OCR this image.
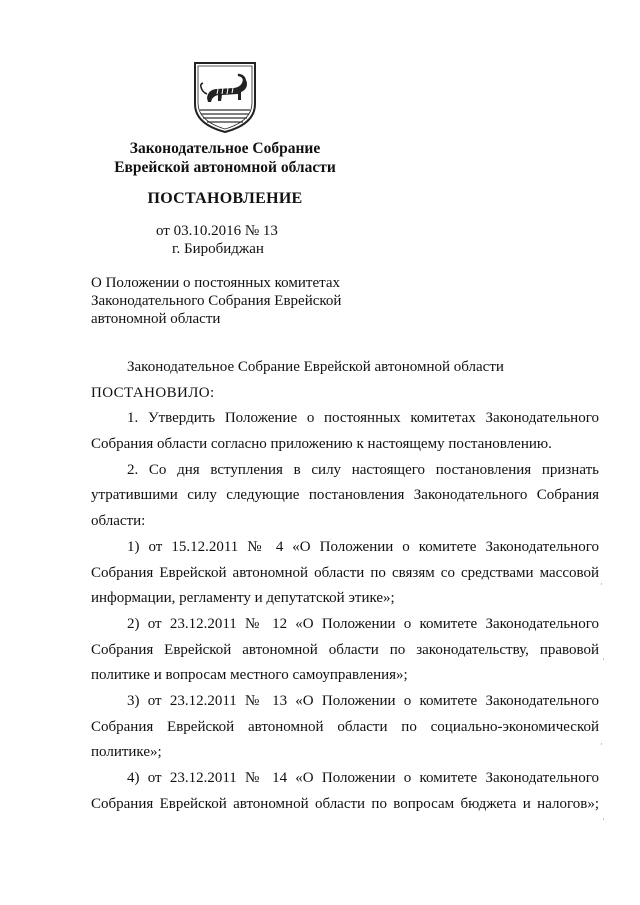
Законодательное Собрание
Еврейской автономной области
ПОСТАНОВЛЕНИЕ
от 03.10.2016 № 13
г. Биробиджан
О Положении о постоянных комитетах
Законодательного Собрания Еврейской
автономной области
Законодательное Собрание Еврейской автономной области
ПОСТАНОВИЛО:
1. Утвердить Положение о постоянных комитетах Законодательного
Собрания области согласно приложению к настоящему постановлению.
2. Со дня вступления в силу настоящего постановления признать
утратившими силу следующие постановления Законодательного Собрания
области:
1) от 15.12.2011 № 4 «О Положении о комитете Законодательного
Собрания Еврейской автономной области по связям со средствами массовой
информации, регламенту и депутатской этике»;
2) от 23.12.2011 № 12 «О Положении о комитете Законодательного
Собрания Еврейской автономной области по законодательству, правовой
политике и вопросам местного самоуправления»;
3) от 23.12.2011 № 13 «О Положении о комитете Законодательного
Собрания Еврейской автономной области по социально-экономической
политике»;
4) от 23.12.2011 № 14 «О Положении о комитете Законодательного
Собрания Еврейской автономной области по вопросам бюджета и налогов»;
·
·
·
·
